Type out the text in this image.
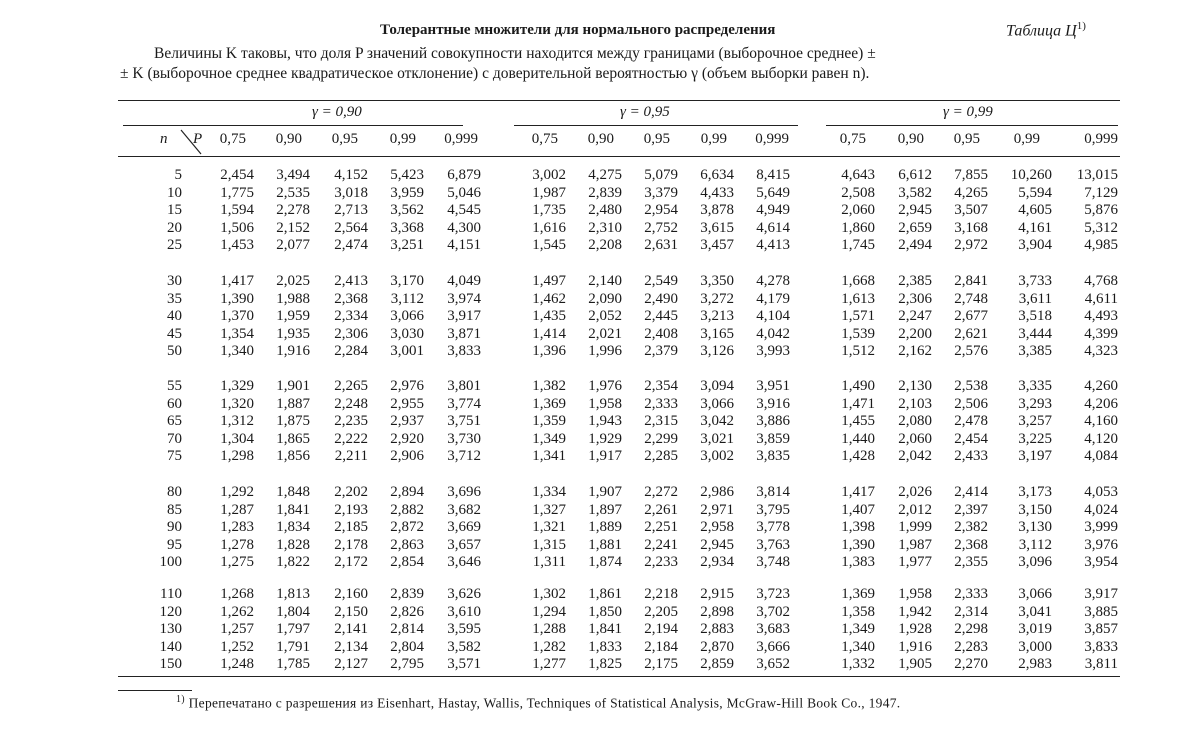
Толерантные множители для нормального распределения	Таблица $Ц^{1)}$

Величины K таковы, что доля P значений совокупности находится между границами (выборочное среднее) ±

± K (выборочное среднее квадратическое отклонение) с доверительной вероятностью γ (объем выборки равен n).

γ = 0,90	γ = 0,95	γ = 0,99
n P	0,75	0,90	0,95	0,99	0,999	0,75	0,90	0,95	0,99	0,999	0,75	0,90	0,95	0,99	0,999
5	2,454	3,494	4,152	5,423	6,879	3,002	4,275	5,079	6,634	8,415	4,643	6,612	7,855	10,260	13,015
10	1,775	2,535	3,018	3,959	5,046	1,987	2,839	3,379	4,433	5,649	2,508	3,582	4,265	5,594	7,129
15	1,594	2,278	2,713	3,562	4,545	1,735	2,480	2,954	3,878	4,949	2,060	2,945	3,507	4,605	5,876
20	1,506	2,152	2,564	3,368	4,300	1,616	2,310	2,752	3,615	4,614	1,860	2,659	3,168	4,161	5,312
25	1,453	2,077	2,474	3,251	4,151	1,545	2,208	2,631	3,457	4,413	1,745	2,494	2,972	3,904	4,985
30	1,417	2,025	2,413	3,170	4,049	1,497	2,140	2,549	3,350	4,278	1,668	2,385	2,841	3,733	4,768
35	1,390	1,988	2,368	3,112	3,974	1,462	2,090	2,490	3,272	4,179	1,613	2,306	2,748	3,611	4,611
40	1,370	1,959	2,334	3,066	3,917	1,435	2,052	2,445	3,213	4,104	1,571	2,247	2,677	3,518	4,493
45	1,354	1,935	2,306	3,030	3,871	1,414	2,021	2,408	3,165	4,042	1,539	2,200	2,621	3,444	4,399
50	1,340	1,916	2,284	3,001	3,833	1,396	1,996	2,379	3,126	3,993	1,512	2,162	2,576	3,385	4,323
55	1,329	1,901	2,265	2,976	3,801	1,382	1,976	2,354	3,094	3,951	1,490	2,130	2,538	3,335	4,260
60	1,320	1,887	2,248	2,955	3,774	1,369	1,958	2,333	3,066	3,916	1,471	2,103	2,506	3,293	4,206
65	1,312	1,875	2,235	2,937	3,751	1,359	1,943	2,315	3,042	3,886	1,455	2,080	2,478	3,257	4,160
70	1,304	1,865	2,222	2,920	3,730	1,349	1,929	2,299	3,021	3,859	1,440	2,060	2,454	3,225	4,120
75	1,298	1,856	2,211	2,906	3,712	1,341	1,917	2,285	3,002	3,835	1,428	2,042	2,433	3,197	4,084
80	1,292	1,848	2,202	2,894	3,696	1,334	1,907	2,272	2,986	3,814	1,417	2,026	2,414	3,173	4,053
85	1,287	1,841	2,193	2,882	3,682	1,327	1,897	2,261	2,971	3,795	1,407	2,012	2,397	3,150	4,024
90	1,283	1,834	2,185	2,872	3,669	1,321	1,889	2,251	2,958	3,778	1,398	1,999	2,382	3,130	3,999
95	1,278	1,828	2,178	2,863	3,657	1,315	1,881	2,241	2,945	3,763	1,390	1,987	2,368	3,112	3,976
100	1,275	1,822	2,172	2,854	3,646	1,311	1,874	2,233	2,934	3,748	1,383	1,977	2,355	3,096	3,954
110	1,268	1,813	2,160	2,839	3,626	1,302	1,861	2,218	2,915	3,723	1,369	1,958	2,333	3,066	3,917
120	1,262	1,804	2,150	2,826	3,610	1,294	1,850	2,205	2,898	3,702	1,358	1,942	2,314	3,041	3,885
130	1,257	1,797	2,141	2,814	3,595	1,288	1,841	2,194	2,883	3,683	1,349	1,928	2,298	3,019	3,857
140	1,252	1,791	2,134	2,804	3,582	1,282	1,833	2,184	2,870	3,666	1,340	1,916	2,283	3,000	3,833
150	1,248	1,785	2,127	2,795	3,571	1,277	1,825	2,175	2,859	3,652	1,332	1,905	2,270	2,983	3,811
$^{1)}$ Перепечатано с разрешения из Eisenhart, Hastay, Wallis, Techniques of Statistical Analysis, McGraw-Hill Book Co., 1947.
